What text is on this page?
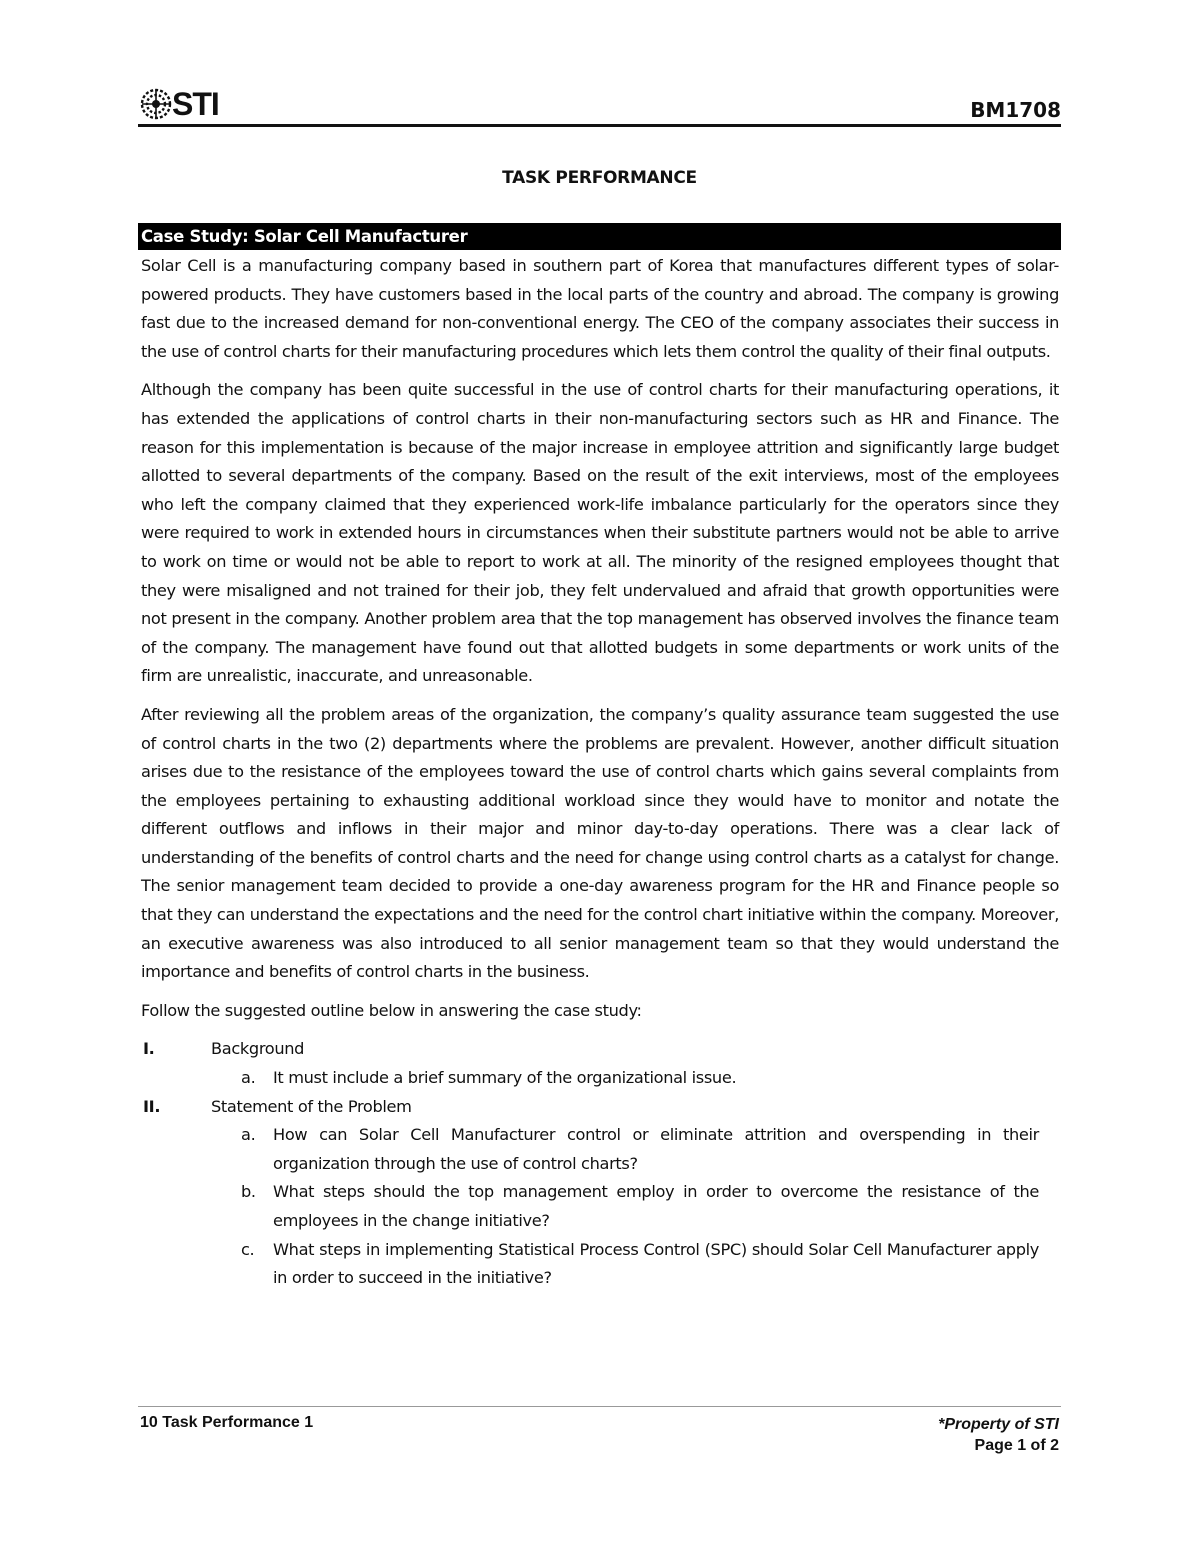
STI	BM1708
TASK PERFORMANCE
Case Study: Solar Cell Manufacturer

Solar Cell is a manufacturing company based in southern part of Korea that manufactures different types of solar-powered products. They have customers based in the local parts of the country and abroad. The company is growing fast due to the increased demand for non-conventional energy. The CEO of the company associates their success in the use of control charts for their manufacturing procedures which lets them control the quality of their final outputs.

Although the company has been quite successful in the use of control charts for their manufacturing operations, it has extended the applications of control charts in their non-manufacturing sectors such as HR and Finance. The reason for this implementation is because of the major increase in employee attrition and significantly large budget allotted to several departments of the company. Based on the result of the exit interviews, most of the employees who left the company claimed that they experienced work-life imbalance particularly for the operators since they were required to work in extended hours in circumstances when their substitute partners would not be able to arrive to work on time or would not be able to report to work at all. The minority of the resigned employees thought that they were misaligned and not trained for their job, they felt undervalued and afraid that growth opportunities were not present in the company. Another problem area that the top management has observed involves the finance team of the company. The management have found out that allotted budgets in some departments or work units of the firm are unrealistic, inaccurate, and unreasonable.

After reviewing all the problem areas of the organization, the company’s quality assurance team suggested the use of control charts in the two (2) departments where the problems are prevalent. However, another difficult situation arises due to the resistance of the employees toward the use of control charts which gains several complaints from the employees pertaining to exhausting additional workload since they would have to monitor and notate the different outflows and inflows in their major and minor day-to-day operations. There was a clear lack of understanding of the benefits of control charts and the need for change using control charts as a catalyst for change. The senior management team decided to provide a one-day awareness program for the HR and Finance people so that they can understand the expectations and the need for the control chart initiative within the company. Moreover, an executive awareness was also introduced to all senior management team so that they would understand the importance and benefits of control charts in the business.

Follow the suggested outline below in answering the case study:

I.	Background
a. It must include a brief summary of the organizational issue.
II.	Statement of the Problem
a. How can Solar Cell Manufacturer control or eliminate attrition and overspending in their organization through the use of control charts?
b. What steps should the top management employ in order to overcome the resistance of the employees in the change initiative?
c. What steps in implementing Statistical Process Control (SPC) should Solar Cell Manufacturer apply in order to succeed in the initiative?
10 Task Performance 1	*Property of STI
Page 1 of 2
